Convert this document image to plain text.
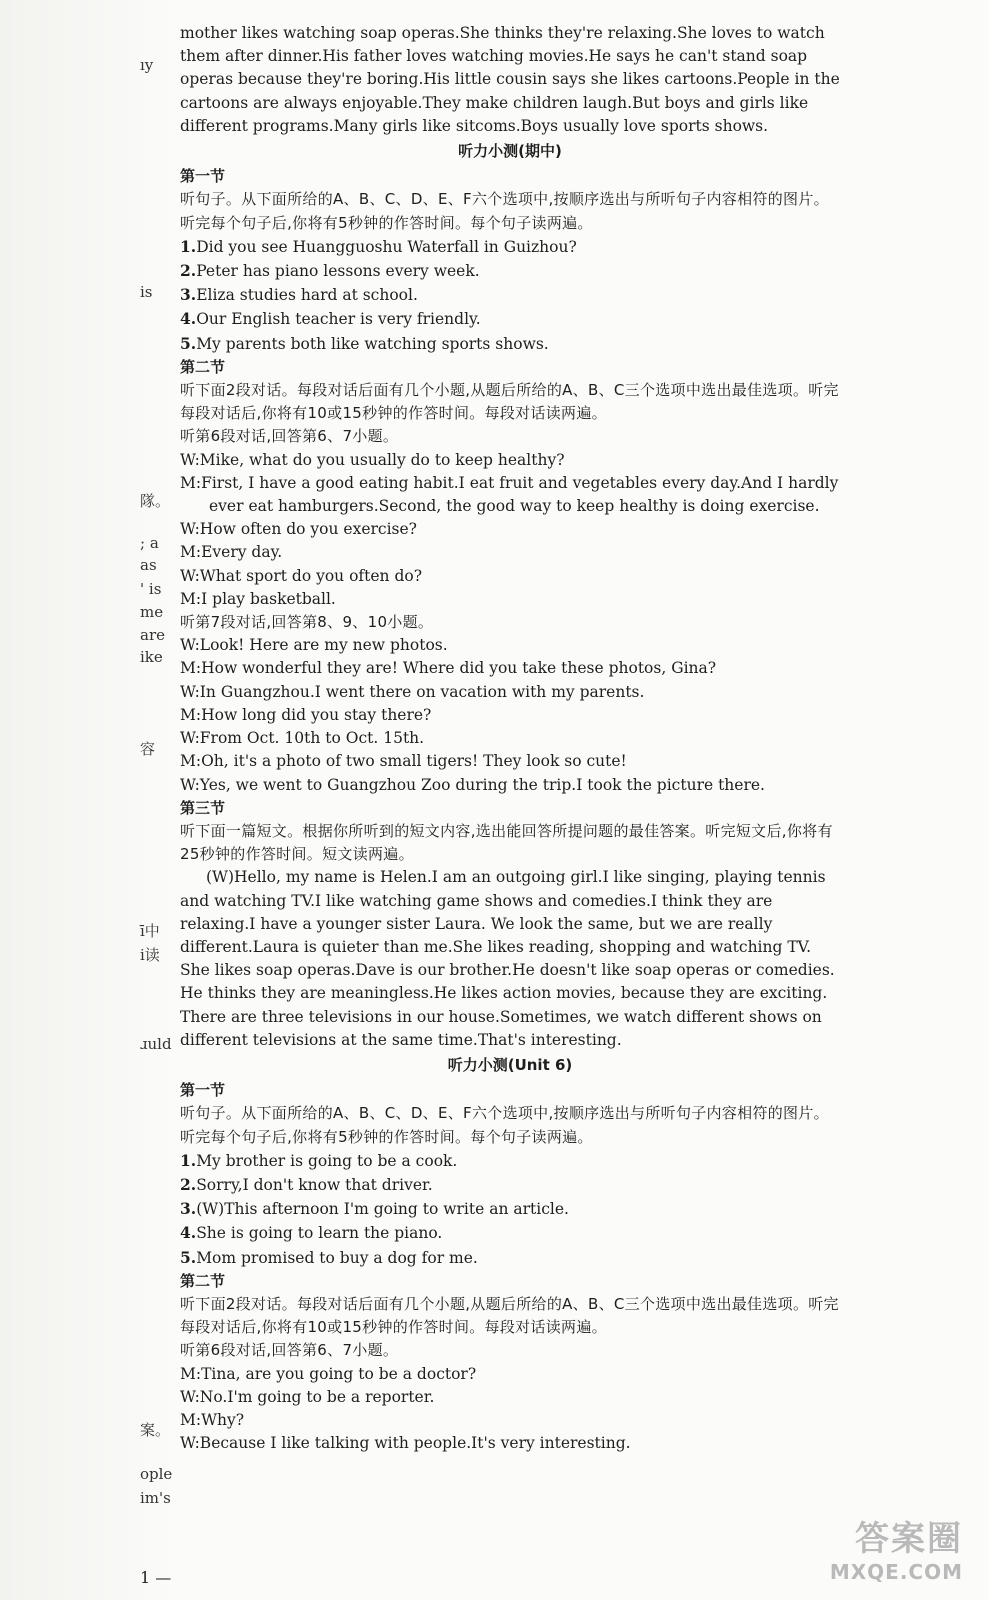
ıy
is
隊。
; a
as
' is
me
are
ike
容
ī中
i读
ɹuld
案。
ople
im's

mother likes watching soap operas.She thinks they're relaxing.She loves to watch

them after dinner.His father loves watching movies.He says he can't stand soap

operas because they're boring.His little cousin says she likes cartoons.People in the

cartoons are always enjoyable.They make children laugh.But boys and girls like

different programs.Many girls like sitcoms.Boys usually love sports shows.

听力小测(期中)

第一节

听句子。从下面所给的A、B、C、D、E、F六个选项中,按顺序选出与所听句子内容相符的图片。听完每个句子后,你将有5秒钟的作答时间。每个句子读两遍。

1.Did you see Huangguoshu Waterfall in Guizhou?

2.Peter has piano lessons every week.

3.Eliza studies hard at school.

4.Our English teacher is very friendly.

5.My parents both like watching sports shows.

第二节

听下面2段对话。每段对话后面有几个小题,从题后所给的A、B、C三个选项中选出最佳选项。听完每段对话后,你将有10或15秒钟的作答时间。每段对话读两遍。

听第6段对话,回答第6、7小题。

W:Mike, what do you usually do to keep healthy?

M:First, I have a good eating habit.I eat fruit and vegetables every day.And I hardly ever eat hamburgers.Second, the good way to keep healthy is doing exercise.

W:How often do you exercise?

M:Every day.

W:What sport do you often do?

M:I play basketball.

听第7段对话,回答第8、9、10小题。

W:Look! Here are my new photos.

M:How wonderful they are! Where did you take these photos, Gina?

W:In Guangzhou.I went there on vacation with my parents.

M:How long did you stay there?

W:From Oct. 10th to Oct. 15th.

M:Oh, it's a photo of two small tigers! They look so cute!

W:Yes, we went to Guangzhou Zoo during the trip.I took the picture there.

第三节

听下面一篇短文。根据你所听到的短文内容,选出能回答所提问题的最佳答案。听完短文后,你将有25秒钟的作答时间。短文读两遍。

(W)Hello, my name is Helen.I am an outgoing girl.I like singing, playing tennis and watching TV.I like watching game shows and comedies.I think they are relaxing.I have a younger sister Laura. We look the same, but we are really different.Laura is quieter than me.She likes reading, shopping and watching TV. She likes soap operas.Dave is our brother.He doesn't like soap operas or comedies. He thinks they are meaningless.He likes action movies, because they are exciting. There are three televisions in our house.Sometimes, we watch different shows on different televisions at the same time.That's interesting.

听力小测(Unit 6)

第一节

听句子。从下面所给的A、B、C、D、E、F六个选项中,按顺序选出与所听句子内容相符的图片。听完每个句子后,你将有5秒钟的作答时间。每个句子读两遍。

1.My brother is going to be a cook.

2.Sorry,I don't know that driver.

3.(W)This afternoon I'm going to write an article.

4.She is going to learn the piano.

5.Mom promised to buy a dog for me.

第二节

听下面2段对话。每段对话后面有几个小题,从题后所给的A、B、C三个选项中选出最佳选项。听完每段对话后,你将有10或15秒钟的作答时间。每段对话读两遍。

听第6段对话,回答第6、7小题。

M:Tina, are you going to be a doctor?

W:No.I'm going to be a reporter.

M:Why?

W:Because I like talking with people.It's very interesting.

1 —
答案圈
MXQE.COM
